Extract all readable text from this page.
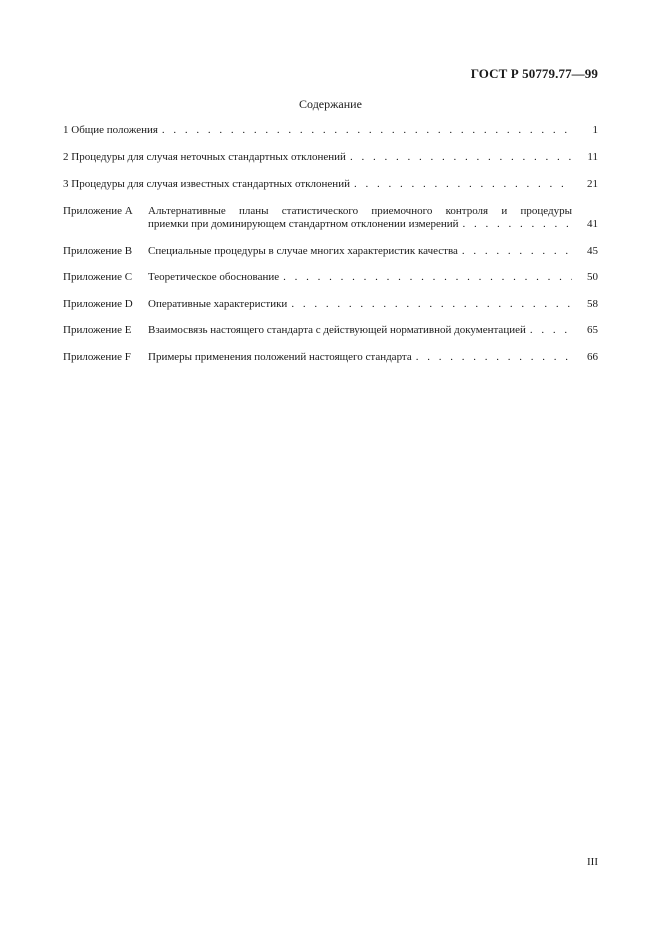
ГОСТ Р 50779.77—99
Содержание
1 Общие положения . . .	1
2 Процедуры для случая неточных стандартных отклонений . . .	11
3 Процедуры для случая известных стандартных отклонений . . .	21
Приложение А	Альтернативные планы статистического приемочного контроля и процедуры
приемки при доминирующем стандартном отклонении измерений . . .	41
Приложение В	Специальные процедуры в случае многих характеристик качества . . .	45
Приложение С	Теоретическое обоснование . . .	50
Приложение D	Оперативные характеристики . . .	58
Приложение Е	Взаимосвязь настоящего стандарта с действующей нормативной документацией . . .	65
Приложение F	Примеры применения положений настоящего стандарта . . .	66
III
